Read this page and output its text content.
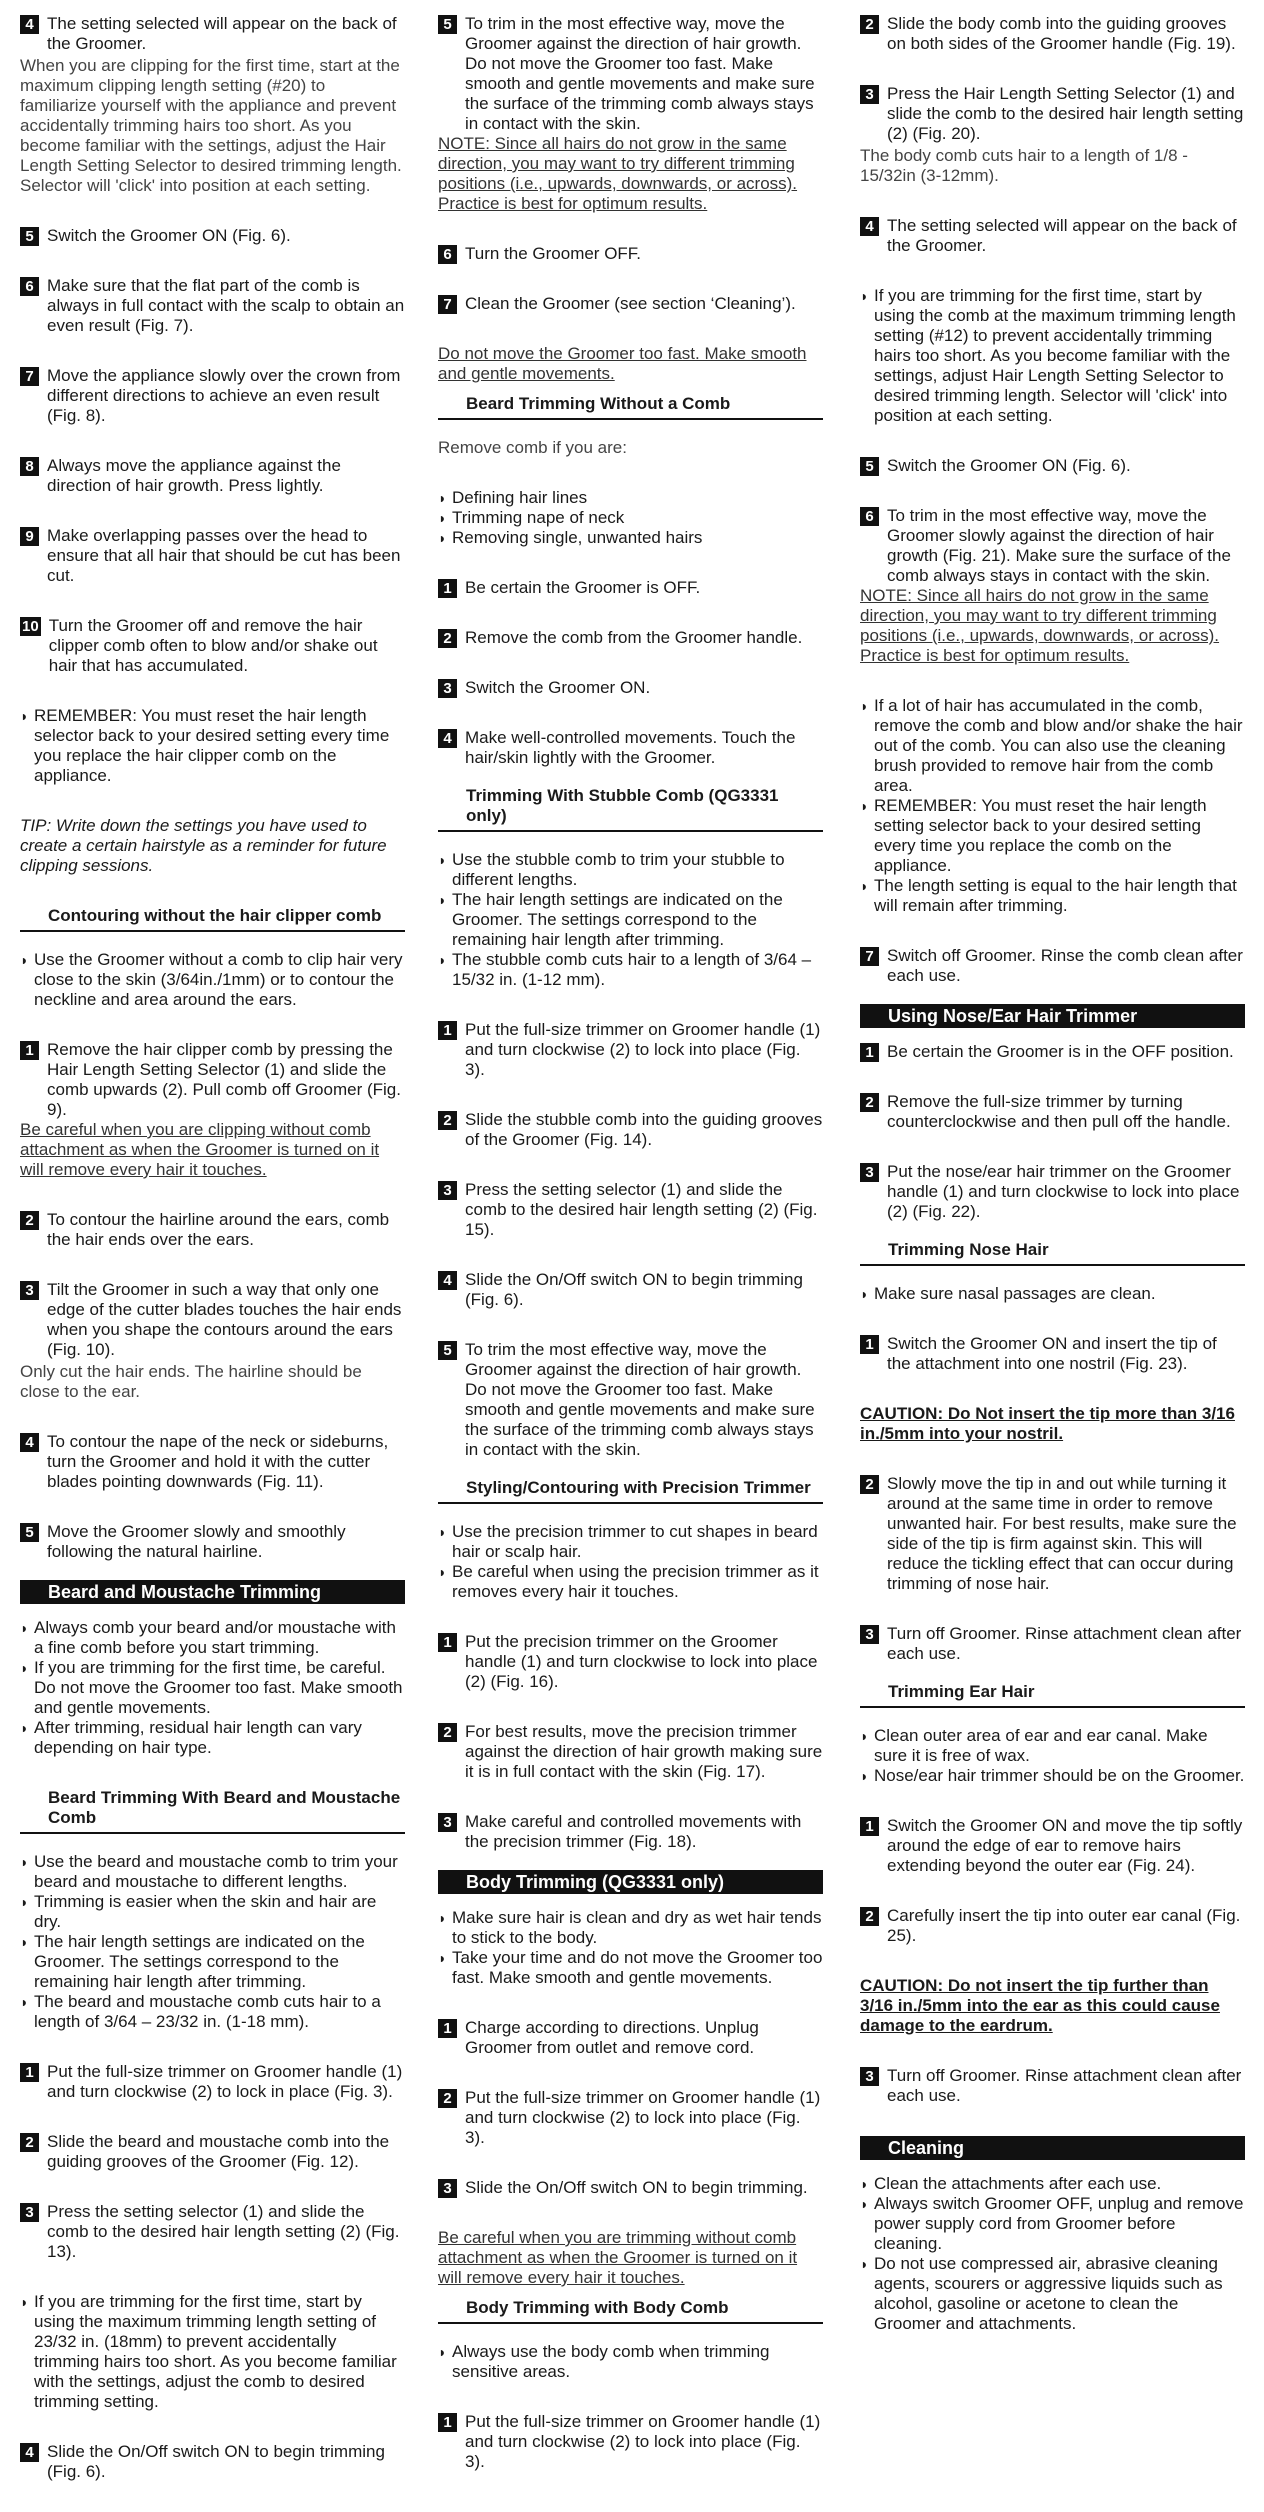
4 The setting selected will appear on the back of the Groomer.
When you are clipping for the first time, start at the maximum clipping length setting (#20) to familiarize yourself with the appliance and prevent accidentally trimming hairs too short. As you become familiar with the settings, adjust the Hair Length Setting Selector to desired trimming length. Selector will 'click' into position at each setting.
5 Switch the Groomer ON (Fig. 6).
6 Make sure that the flat part of the comb is always in full contact with the scalp to obtain an even result (Fig. 7).
7 Move the appliance slowly over the crown from different directions to achieve an even result (Fig. 8).
8 Always move the appliance against the direction of hair growth. Press lightly.
9 Make overlapping passes over the head to ensure that all hair that should be cut has been cut.
10 Turn the Groomer off and remove the hair clipper comb often to blow and/or shake out hair that has accumulated.
◗ REMEMBER: You must reset the hair length selector back to your desired setting every time you replace the hair clipper comb on the appliance.
TIP: Write down the settings you have used to create a certain hairstyle as a reminder for future clipping sessions.
Contouring without the hair clipper comb
◗ Use the Groomer without a comb to clip hair very close to the skin (3/64in./1mm) or to contour the neckline and area around the ears.
1 Remove the hair clipper comb by pressing the Hair Length Setting Selector (1) and slide the comb upwards (2). Pull comb off Groomer (Fig. 9).
Be careful when you are clipping without comb attachment as when the Groomer is turned on it will remove every hair it touches.
2 To contour the hairline around the ears, comb the hair ends over the ears.
3 Tilt the Groomer in such a way that only one edge of the cutter blades touches the hair ends when you shape the contours around the ears (Fig. 10).
Only cut the hair ends. The hairline should be close to the ear.
4 To contour the nape of the neck or sideburns, turn the Groomer and hold it with the cutter blades pointing downwards (Fig. 11).
5 Move the Groomer slowly and smoothly following the natural hairline.
Beard and Moustache Trimming
◗ Always comb your beard and/or moustache with a fine comb before you start trimming.
◗ If you are trimming for the first time, be careful. Do not move the Groomer too fast. Make smooth and gentle movements.
◗ After trimming, residual hair length can vary depending on hair type.
Beard Trimming With Beard and Moustache Comb
◗ Use the beard and moustache comb to trim your beard and moustache to different lengths.
◗ Trimming is easier when the skin and hair are dry.
◗ The hair length settings are indicated on the Groomer. The settings correspond to the remaining hair length after trimming.
◗ The beard and moustache comb cuts hair to a length of 3/64 – 23/32 in. (1-18 mm).
1 Put the full-size trimmer on Groomer handle (1) and turn clockwise (2) to lock in place (Fig. 3).
2 Slide the beard and moustache comb into the guiding grooves of the Groomer (Fig. 12).
3 Press the setting selector (1) and slide the comb to the desired hair length setting (2) (Fig. 13).
◗ If you are trimming for the first time, start by using the maximum trimming length setting of 23/32 in. (18mm) to prevent accidentally trimming hairs too short. As you become familiar with the settings, adjust the comb to desired trimming setting.
4 Slide the On/Off switch ON to begin trimming (Fig. 6).
5 To trim in the most effective way, move the Groomer against the direction of hair growth. Do not move the Groomer too fast. Make smooth and gentle movements and make sure the surface of the trimming comb always stays in contact with the skin.
NOTE: Since all hairs do not grow in the same direction, you may want to try different trimming positions (i.e., upwards, downwards, or across). Practice is best for optimum results.
6 Turn the Groomer OFF.
7 Clean the Groomer (see section ‘Cleaning’).
Do not move the Groomer too fast. Make smooth and gentle movements.
Beard Trimming Without a Comb
Remove comb if you are:
◗ Defining hair lines
◗ Trimming nape of neck
◗ Removing single, unwanted hairs
1 Be certain the Groomer is OFF.
2 Remove the comb from the Groomer handle.
3 Switch the Groomer ON.
4 Make well-controlled movements. Touch the hair/skin lightly with the Groomer.
Trimming With Stubble Comb (QG3331 only)
◗ Use the stubble comb to trim your stubble to different lengths.
◗ The hair length settings are indicated on the Groomer. The settings correspond to the remaining hair length after trimming.
◗ The stubble comb cuts hair to a length of 3/64 – 15/32 in. (1-12 mm).
1 Put the full-size trimmer on Groomer handle (1) and turn clockwise (2) to lock into place (Fig. 3).
2 Slide the stubble comb into the guiding grooves of the Groomer (Fig. 14).
3 Press the setting selector (1) and slide the comb to the desired hair length setting (2) (Fig. 15).
4 Slide the On/Off switch ON to begin trimming (Fig. 6).
5 To trim the most effective way, move the Groomer against the direction of hair growth. Do not move the Groomer too fast. Make smooth and gentle movements and make sure the surface of the trimming comb always stays in contact with the skin.
Styling/Contouring with Precision Trimmer
◗ Use the precision trimmer to cut shapes in beard hair or scalp hair.
◗ Be careful when using the precision trimmer as it removes every hair it touches.
1 Put the precision trimmer on the Groomer handle (1) and turn clockwise to lock into place (2) (Fig. 16).
2 For best results, move the precision trimmer against the direction of hair growth making sure it is in full contact with the skin (Fig. 17).
3 Make careful and controlled movements with the precision trimmer (Fig. 18).
Body Trimming (QG3331 only)
◗ Make sure hair is clean and dry as wet hair tends to stick to the body.
◗ Take your time and do not move the Groomer too fast. Make smooth and gentle movements.
1 Charge according to directions. Unplug Groomer from outlet and remove cord.
2 Put the full-size trimmer on Groomer handle (1) and turn clockwise (2) to lock into place (Fig. 3).
3 Slide the On/Off switch ON to begin trimming.
Be careful when you are trimming without comb attachment as when the Groomer is turned on it will remove every hair it touches.
Body Trimming with Body Comb
◗ Always use the body comb when trimming sensitive areas.
1 Put the full-size trimmer on Groomer handle (1) and turn clockwise (2) to lock into place (Fig. 3).
2 Slide the body comb into the guiding grooves on both sides of the Groomer handle (Fig. 19).
3 Press the Hair Length Setting Selector (1) and slide the comb to the desired hair length setting (2) (Fig. 20).
The body comb cuts hair to a length of 1/8 - 15/32in (3-12mm).
4 The setting selected will appear on the back of the Groomer.
◗ If you are trimming for the first time, start by using the comb at the maximum trimming length setting (#12) to prevent accidentally trimming hairs too short. As you become familiar with the settings, adjust Hair Length Setting Selector to desired trimming length. Selector will 'click' into position at each setting.
5 Switch the Groomer ON (Fig. 6).
6 To trim in the most effective way, move the Groomer slowly against the direction of hair growth (Fig. 21). Make sure the surface of the comb always stays in contact with the skin.
NOTE: Since all hairs do not grow in the same direction, you may want to try different trimming positions (i.e., upwards, downwards, or across). Practice is best for optimum results.
◗ If a lot of hair has accumulated in the comb, remove the comb and blow and/or shake the hair out of the comb. You can also use the cleaning brush provided to remove hair from the comb area.
◗ REMEMBER: You must reset the hair length setting selector back to your desired setting every time you replace the comb on the appliance.
◗ The length setting is equal to the hair length that will remain after trimming.
7 Switch off Groomer. Rinse the comb clean after each use.
Using Nose/Ear Hair Trimmer
1 Be certain the Groomer is in the OFF position.
2 Remove the full-size trimmer by turning counterclockwise and then pull off the handle.
3 Put the nose/ear hair trimmer on the Groomer handle (1) and turn clockwise to lock into place (2) (Fig. 22).
Trimming Nose Hair
◗ Make sure nasal passages are clean.
1 Switch the Groomer ON and insert the tip of the attachment into one nostril (Fig. 23).
CAUTION: Do Not insert the tip more than 3/16 in./5mm into your nostril.
2 Slowly move the tip in and out while turning it around at the same time in order to remove unwanted hair. For best results, make sure the side of the tip is firm against skin. This will reduce the tickling effect that can occur during trimming of nose hair.
3 Turn off Groomer. Rinse attachment clean after each use.
Trimming Ear Hair
◗ Clean outer area of ear and ear canal. Make sure it is free of wax.
◗ Nose/ear hair trimmer should be on the Groomer.
1 Switch the Groomer ON and move the tip softly around the edge of ear to remove hairs extending beyond the outer ear (Fig. 24).
2 Carefully insert the tip into outer ear canal (Fig. 25).
CAUTION: Do not insert the tip further than 3/16 in./5mm into the ear as this could cause damage to the eardrum.
3 Turn off Groomer. Rinse attachment clean after each use.
Cleaning
◗ Clean the attachments after each use.
◗ Always switch Groomer OFF, unplug and remove power supply cord from Groomer before cleaning.
◗ Do not use compressed air, abrasive cleaning agents, scourers or aggressive liquids such as alcohol, gasoline or acetone to clean the Groomer and attachments.
